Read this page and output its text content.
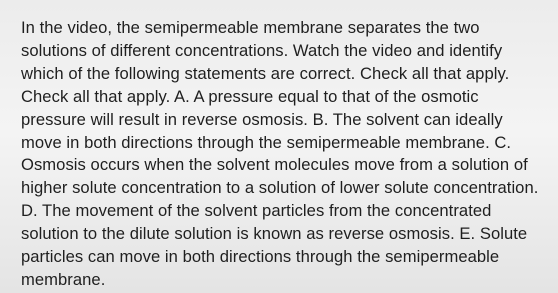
In the video, the semipermeable membrane separates the two solutions of different concentrations. Watch the video and identify which of the following statements are correct. Check all that apply. Check all that apply. A. A pressure equal to that of the osmotic pressure will result in reverse osmosis. B. The solvent can ideally move in both directions through the semipermeable membrane. C. Osmosis occurs when the solvent molecules move from a solution of higher solute concentration to a solution of lower solute concentration. D. The movement of the solvent particles from the concentrated solution to the dilute solution is known as reverse osmosis. E. Solute particles can move in both directions through the semipermeable membrane.
